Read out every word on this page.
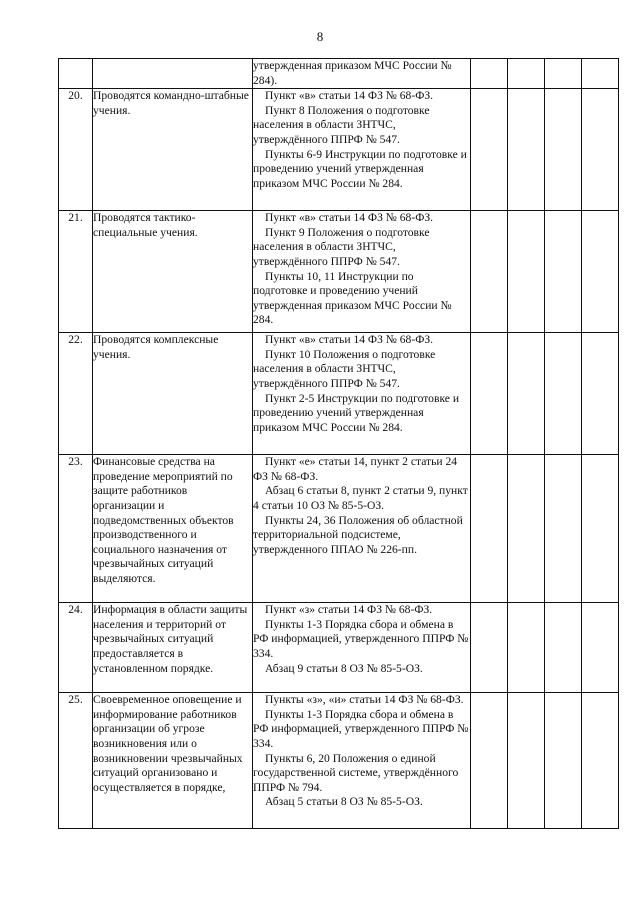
8

		утвержденная приказом МЧС России № 284).				

20.	Проводятся командно-штабные учения.	Пункт «в» статьи 14 ФЗ № 68-ФЗ.
Пункт 8 Положения о подготовке населения в области ЗНТЧС, утверждённого ППРФ № 547.
Пункты 6-9 Инструкции по подготовке и проведению учений утвержденная приказом МЧС России № 284.				

21.	Проводятся тактико-специальные учения.	Пункт «в» статьи 14 ФЗ № 68-ФЗ.
Пункт 9 Положения о подготовке населения в области ЗНТЧС, утверждённого ППРФ № 547.
Пункты 10, 11 Инструкции по подготовке и проведению учений утвержденная приказом МЧС России № 284.				

22.	Проводятся комплексные учения.	Пункт «в» статьи 14 ФЗ № 68-ФЗ.
Пункт 10 Положения о подготовке населения в области ЗНТЧС, утверждённого ППРФ № 547.
Пункт 2-5 Инструкции по подготовке и проведению учений утвержденная приказом МЧС России № 284.				

23.	Финансовые средства на проведение мероприятий по защите работников организации и подведомственных объектов производственного и социального назначения от чрезвычайных ситуаций выделяются.	Пункт «е» статьи 14, пункт 2 статьи 24 ФЗ № 68-ФЗ.
Абзац 6 статьи 8, пункт 2 статьи 9, пункт 4 статьи 10 ОЗ № 85-5-ОЗ.
Пункты 24, 36 Положения об областной территориальной подсистеме, утвержденного ППАО № 226-пп.				

24.	Информация в области защиты населения и территорий от чрезвычайных ситуаций предоставляется в установленном порядке.	Пункт «з» статьи 14 ФЗ № 68-ФЗ.
Пункты 1-3 Порядка сбора и обмена в РФ информацией, утвержденного ППРФ № 334.
Абзац 9 статьи 8 ОЗ № 85-5-ОЗ.				

25.	Своевременное оповещение и информирование работников организации об угрозе возникновения или о возникновении чрезвычайных ситуаций организовано и осуществляется в порядке,	Пункты «з», «и» статьи 14 ФЗ № 68-ФЗ.
Пункты 1-3 Порядка сбора и обмена в РФ информацией, утвержденного ППРФ № 334.
Пункты 6, 20 Положения о единой государственной системе, утверждённого ППРФ № 794.
Абзац 5 статьи 8 ОЗ № 85-5-ОЗ.				
